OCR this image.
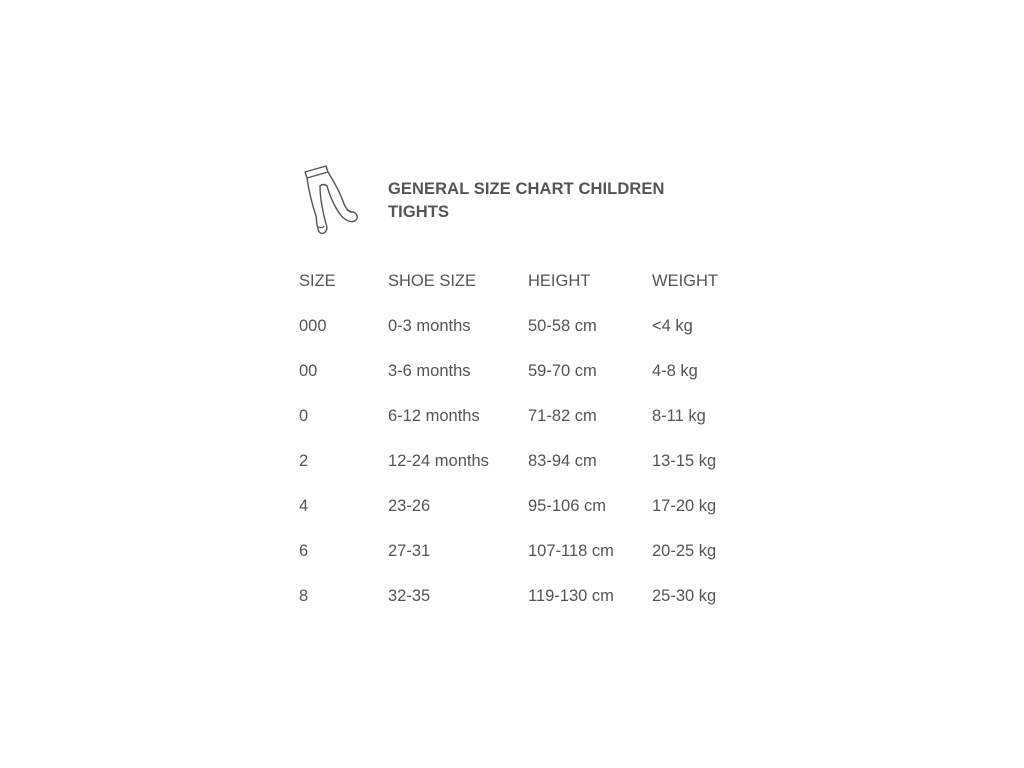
GENERAL SIZE CHART CHILDREN
TIGHTS
SIZE	SHOE SIZE	HEIGHT	WEIGHT
000	0-3 months	50-58 cm	<4 kg
00	3-6 months	59-70 cm	4-8 kg
0	6-12 months	71-82 cm	8-11 kg
2	12-24 months	83-94 cm	13-15 kg
4	23-26	95-106 cm	17-20 kg
6	27-31	107-118 cm	20-25 kg
8	32-35	119-130 cm	25-30 kg
